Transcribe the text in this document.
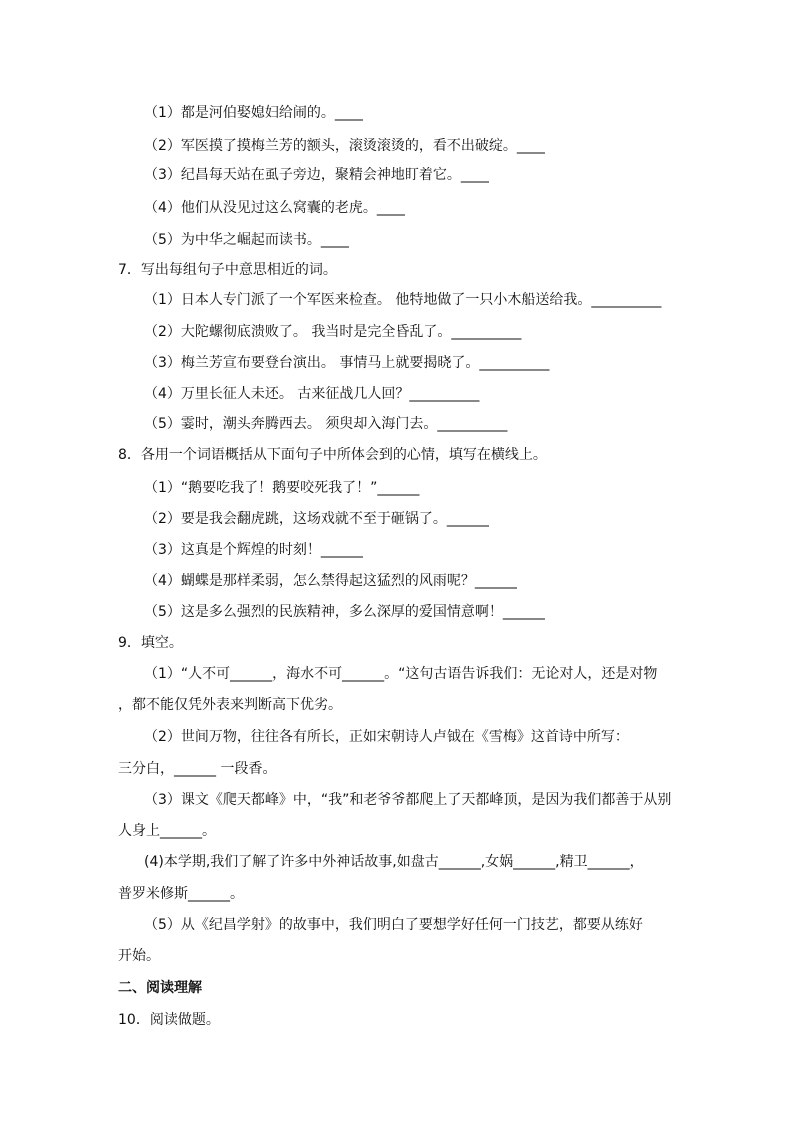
（1）都是河伯娶媳妇给闹的。____
（2）军医摸了摸梅兰芳的额头，滚烫滚烫的，看不出破绽。____
（3）纪昌每天站在虱子旁边，聚精会神地盯着它。____
（4）他们从没见过这么窝囊的老虎。____
（5）为中华之崛起而读书。____
7．写出每组句子中意思相近的词。
（1）日本人专门派了一个军医来检查。 他特地做了一只小木船送给我。__________
（2）大陀螺彻底溃败了。 我当时是完全昏乱了。__________
（3）梅兰芳宣布要登台演出。 事情马上就要揭晓了。__________
（4）万里长征人未还。 古来征战几人回？__________
（5）霎时，潮头奔腾西去。 须臾却入海门去。__________
8．各用一个词语概括从下面句子中所体会到的心情，填写在横线上。
（1）“鹅要吃我了！鹅要咬死我了！”______
（2）要是我会翻虎跳，这场戏就不至于砸锅了。______
（3）这真是个辉煌的时刻！______
（4）蝴蝶是那样柔弱，怎么禁得起这猛烈的风雨呢？______
（5）这是多么强烈的民族精神，多么深厚的爱国情意啊！______
9．填空。
（1）“人不可______，海水不可______。“这句古语告诉我们：无论对人，还是对物
，都不能仅凭外表来判断高下优劣。
（2）世间万物，往往各有所长，正如宋朝诗人卢钺在《雪梅》这首诗中所写：
三分白，______ 一段香。
（3）课文《爬天都峰》中，“我”和老爷爷都爬上了天都峰顶，是因为我们都善于从别
人身上______。
(4)本学期,我们了解了许多中外神话故事,如盘古______,女娲______,精卫______，
普罗米修斯______。
（5）从《纪昌学射》的故事中，我们明白了要想学好任何一门技艺，都要从练好
开始。
二、阅读理解
10．阅读做题。
